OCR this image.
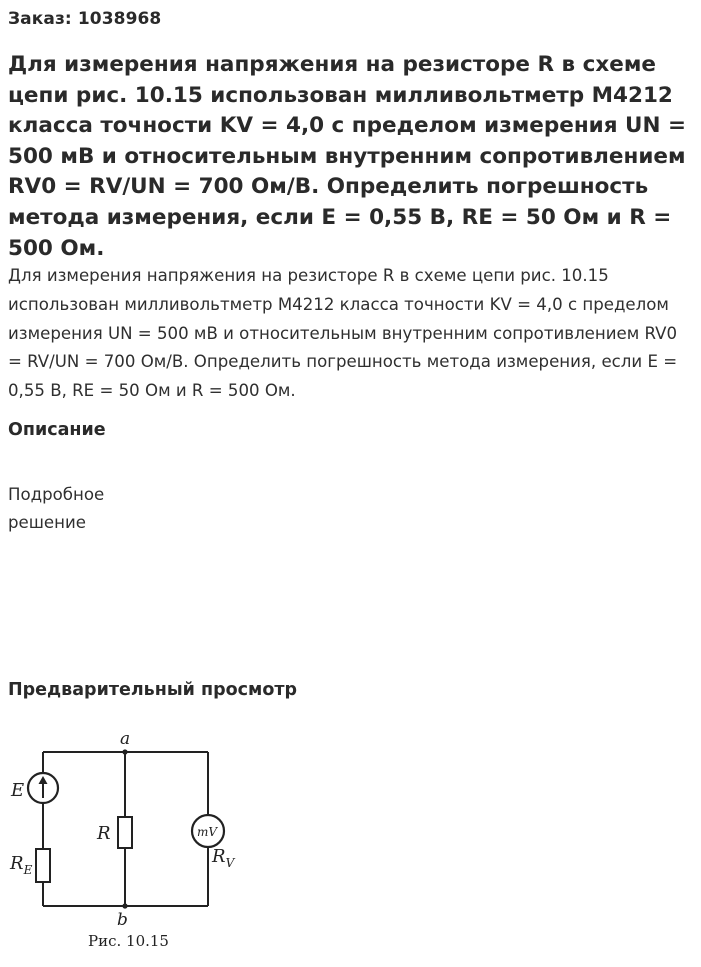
Заказ: 1038968
Для измерения напряжения на резисторе R в схеме цепи рис. 10.15 использован милливольтметр М4212 класса точности KV = 4,0 с пределом измерения UN = 500 мВ и относительным внутренним сопротивлением RV0 = RV/UN = 700 Ом/В. Определить погрешность метода измерения, если E = 0,55 В, RE = 50 Ом и R = 500 Ом.

Для измерения напряжения на резисторе R в схеме цепи рис. 10.15 использован милливольтметр М4212 класса точности KV = 4,0 с пределом измерения UN = 500 мВ и относительным внутренним сопротивлением RV0 = RV/UN = 700 Ом/В. Определить погрешность метода измерения, если E = 0,55 В, RE = 50 Ом и R = 500 Ом.

Описание
Подробное
решение
Предварительный просмотр
a
b
E
$R_E$
R	mV
$R_V$
Рис. 10.15
